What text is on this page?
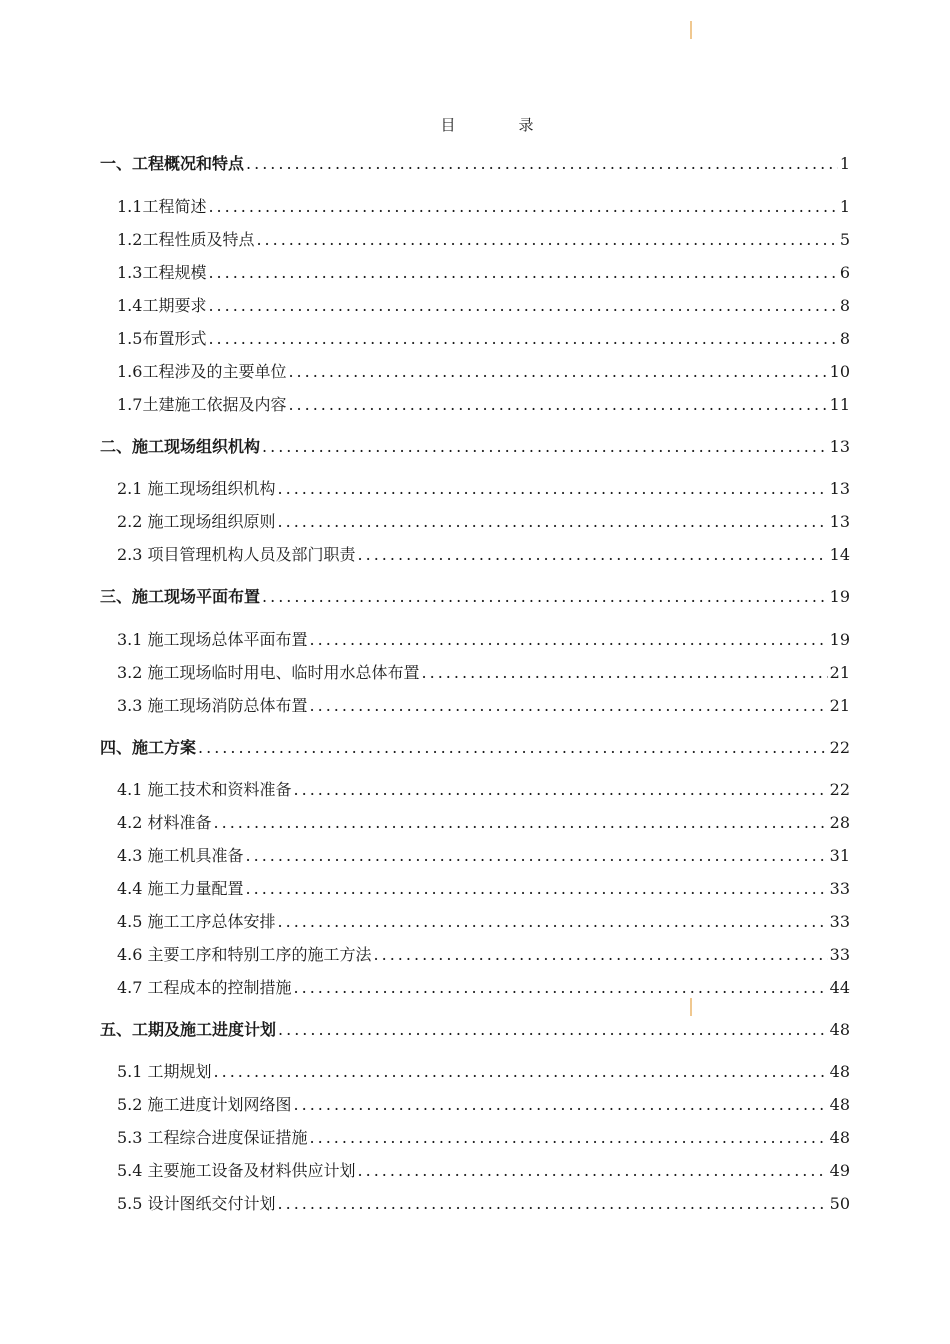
目　录
一、工程概况和特点 .....	1
1.1工程简述 .....	1
1.2工程性质及特点 .....	5
1.3工程规模 .....	6
1.4工期要求 .....	8
1.5布置形式 .....	8
1.6工程涉及的主要单位 .....	10
1.7土建施工依据及内容 .....	11
二、施工现场组织机构 .....	13
2.1 施工现场组织机构 .....	13
2.2 施工现场组织原则 .....	13
2.3 项目管理机构人员及部门职责 .....	14
三、施工现场平面布置 .....	19
3.1 施工现场总体平面布置 .....	19
3.2 施工现场临时用电、临时用水总体布置 .....	21
3.3 施工现场消防总体布置 .....	21
四、施工方案 .....	22
4.1 施工技术和资料准备 .....	22
4.2 材料准备 .....	28
4.3 施工机具准备 .....	31
4.4 施工力量配置 .....	33
4.5 施工工序总体安排 .....	33
4.6 主要工序和特别工序的施工方法 .....	33
4.7 工程成本的控制措施 .....	44
五、工期及施工进度计划 .....	48
5.1 工期规划 .....	48
5.2 施工进度计划网络图 .....	48
5.3 工程综合进度保证措施 .....	48
5.4 主要施工设备及材料供应计划 .....	49
5.5 设计图纸交付计划 .....	50
